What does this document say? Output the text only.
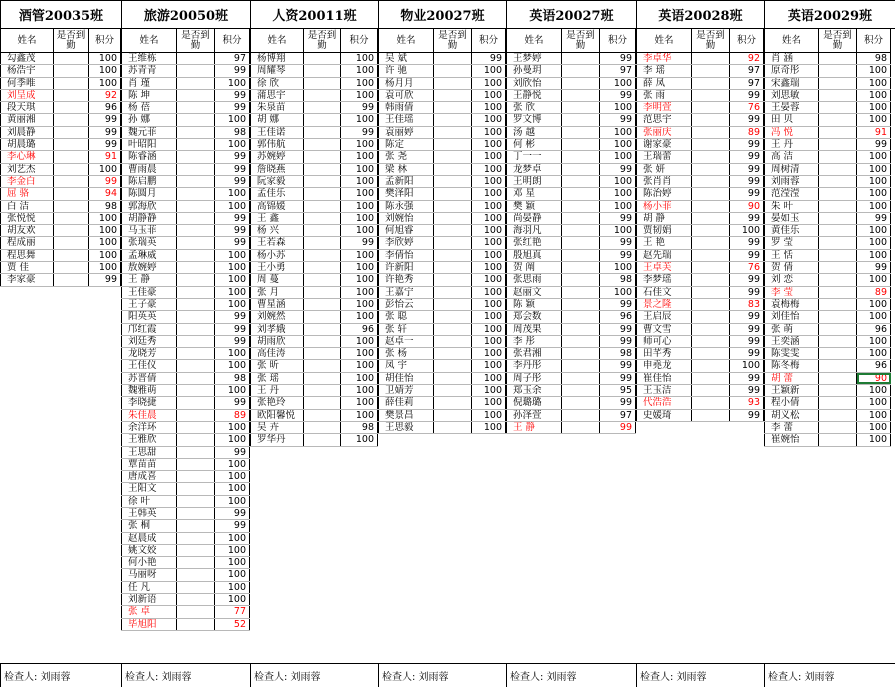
酒管20035班
姓名	是否到勤	积分
勾鑫茂	100
杨浩宇	100
何季唯	100
刘呈成	92
段天琪	96
黄丽湘	99
刘晨静	99
胡晨璐	99
李心琳	91
刘艺杰	100
李金白	99
屈 骆	94
白 洁	98
张悦悦	100
胡友欢	100
程成丽	100
程思舞	100
贾 佳	100
李家豪	99
检查人: 刘雨蓉
旅游20050班
姓名	是否到勤	积分
王维栋	97
苏青青	99
肖 瑾	100
陈 坤	99
杨 蓓	99
孙 娜	100
魏元菲	98
叶昭阳	100
陈睿涵	99
曹雨晨	99
陈启鹏	99
陈圆月	100
郭海欣	100
胡静静	99
马玉菲	99
张瑞英	99
孟琳威	100
敖婉婷	100
王 静	100
王佳豪	100
王子豪	100
阳英英	99
邝红霞	99
刘廷秀	99
龙晓芳	100
王佳仪	100
苏晋倩	98
魏雅萌	100
李晓捷	99
朱佳晨	89
余洋环	100
王雅欣	100
王思甜	99
覃苗苗	100
唐成喜	100
王阳文	100
徐 叶	100
王韩英	99
张 桐	99
赵晨成	100
姚文姣	100
何小艳	100
马丽呀	100
任 凡	100
刘新语	100
张 卓	77
毕旭阳	52
检查人: 刘雨蓉
人资20011班
姓名	是否到勤	积分
杨博翔	100
周耀琴	100
徐 欣	100
蒲思宇	100
朱泉苗	99
胡 娜	100
王佳诺	99
郭伟航	100
苏婉婷	100
詹晓燕	100
阮家毅	100
孟佳乐	100
高锦媛	100
王 鑫	100
杨 兴	100
王若森	99
杨小苏	100
王小勇	100
周 蔓	100
张 月	100
曹星涵	100
刘婉然	100
刘孝娥	96
胡雨欣	100
高佳涛	100
张 昕	100
张 瑶	100
王 丹	100
张艳玲	100
欧阳馨悦	100
吴 卉	98
罗华丹	100
检查人: 刘雨蓉
物业20027班
姓名	是否到勤	积分
吴 斌	99
许 驰	100
杨月月	100
袁可欣	100
韩雨倩	100
王佳瑶	100
袁丽婷	100
陈定	100
张 尧	100
梁 林	100
孟新阳	100
樊泽阳	100
陈永强	100
刘婉怡	100
何旭睿	100
李欣婷	100
李倩怡	100
许新阳	100
许艳秀	100
王嘉宁	100
彭怡云	100
张 聪	100
张 轩	100
赵卓一	100
张 杨	100
凤 宇	100
胡佳怡	100
卫婧芳	100
薛佳莉	100
樊景昌	100
王思毅	100
检查人: 刘雨蓉
英语20027班
姓名	是否到勤	积分
王梦婷	99
孙曼玥	97
刘欣怡	100
王静悦	99
张 欣	100
罗文博	99
汤 越	100
何 彬	100
丁一一	100
龙梦卓	99
王明朗	100
邓 星	100
樊 颖	100
尚晏静	99
海羽凡	100
张红艳	99
殷旭真	99
贺 阐	100
张思雨	98
赵丽文	100
陈 颖	99
郑会数	96
周茂果	99
李 彤	99
张君湘	98
李丹彤	99
周子彤	99
郑玉余	95
倪璐璐	99
孙泽萱	97
王 静	99
检查人: 刘雨蓉
英语20028班
姓名	是否到勤	积分
李卓华	92
李 瑶	97
薛 凤	97
张 雨	99
李明萱	76
范思宇	99
张丽庆	89
谢家豪	99
王瑞蕾	99
张 妍	99
张肖肖	99
陈治婷	99
杨小菲	90
胡 静	99
贾韧娟	100
王 艳	99
赵先瑞	99
王卓芙	76
李梦瑶	99
石佳文	99
景之隆	83
王启辰	99
曹文雪	99
师可心	99
田芊秀	99
申堯龙	100
崔佳怡	99
王玉洁	99
代浩浩	93
史媛琦	99
检查人: 刘雨蓉
英语20029班
姓名	是否到勤	积分
肖 涵	98
原奇彤	100
宋鑫瑞	100
刘思敏	100
王晏蓉	100
田 贝	100
冯 悦	91
王 丹	99
高 洁	100
周树清	100
刘雨蓉	100
范滢滢	100
朱 叶	100
晏如玉	99
黄佳乐	100
罗 莹	100
王 恬	100
贺 倩	99
刘 恋	100
李 莹	89
袁梅梅	100
刘佳怡	100
张 萌	96
王奕涵	100
陈雯雯	100
陈冬梅	96
胡 蕾	90
王颖新	100
程小倩	100
胡义松	100
李 蕾	100
崔婉怡	100
检查人: 刘雨蓉
